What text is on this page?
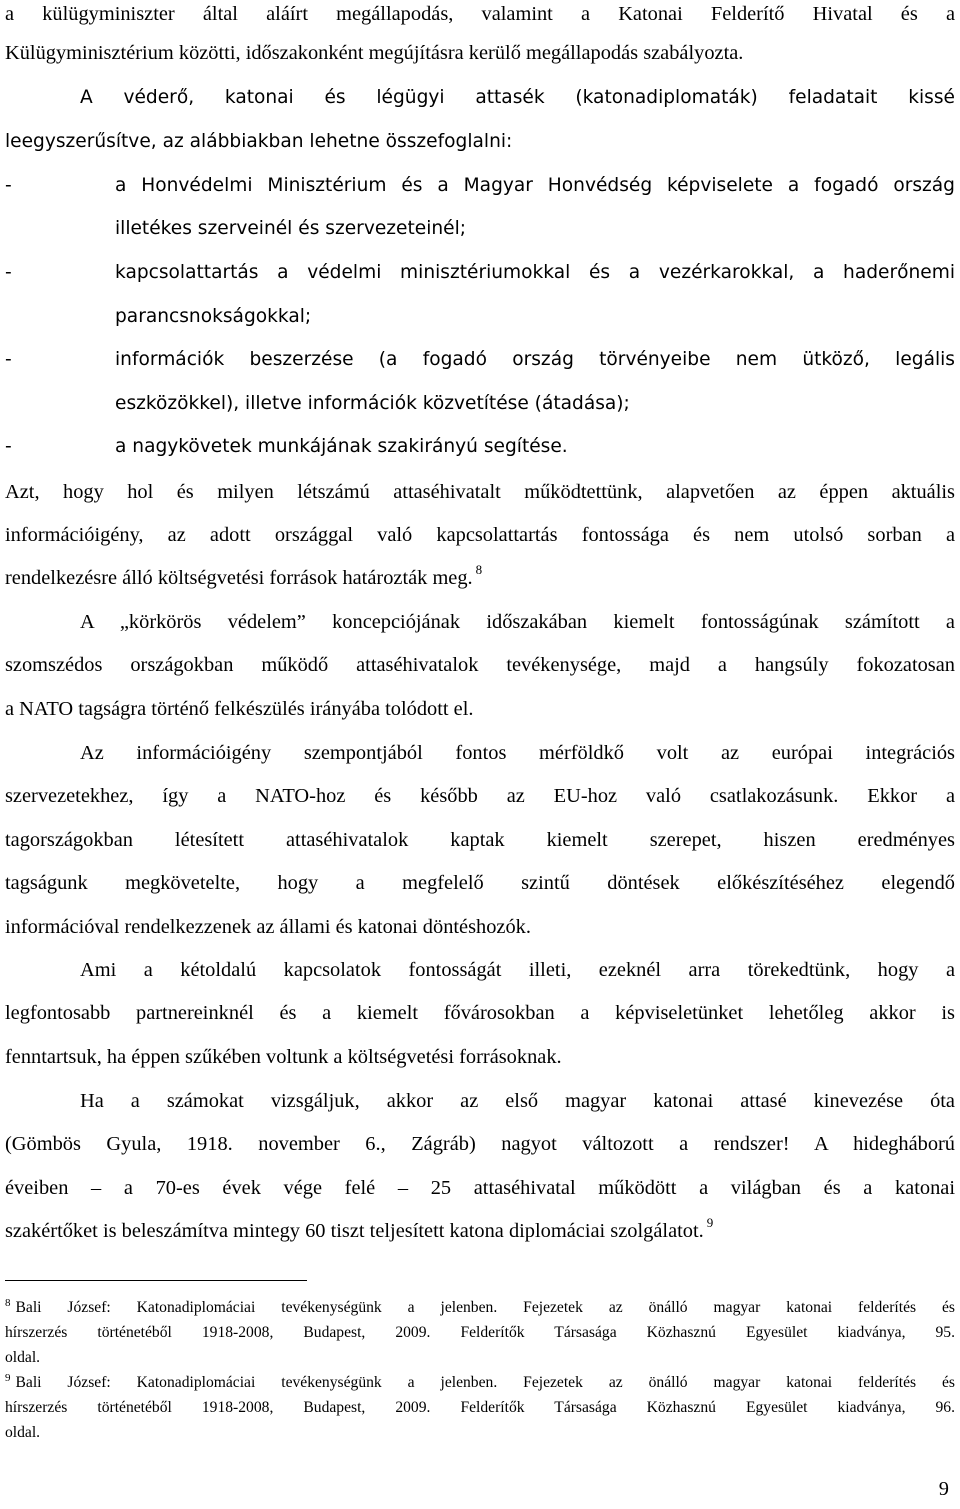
a külügyminiszter által aláírt megállapodás, valamint a Katonai Felderítő Hivatal és a
Külügyminisztérium közötti, időszakonként megújításra kerülő megállapodás szabályozta.
A véderő, katonai és légügyi attasék (katonadiplomaták) feladatait kissé
leegyszerűsítve, az alábbiakban lehetne összefoglalni:
-	a Honvédelmi Minisztérium és a Magyar Honvédség képviselete a fogadó ország
illetékes szerveinél és szervezeteinél;
-	kapcsolattartás a védelmi minisztériumokkal és a vezérkarokkal, a haderőnemi
parancsnokságokkal;
-	információk beszerzése (a fogadó ország törvényeibe nem ütköző, legális
eszközökkel), illetve információk közvetítése (átadása);
-	a nagykövetek munkájának szakirányú segítése.
Azt, hogy hol és milyen létszámú attaséhivatalt működtettünk, alapvetően az éppen aktuális
információigény, az adott országgal való kapcsolattartás fontossága és nem utolsó sorban a
rendelkezésre álló költségvetési források határozták meg. $^8$
A „körkörös védelem” koncepciójának időszakában kiemelt fontosságúnak számított a
szomszédos országokban működő attaséhivatalok tevékenysége, majd a hangsúly fokozatosan
a NATO tagságra történő felkészülés irányába tolódott el.
Az információigény szempontjából fontos mérföldkő volt az európai integrációs
szervezetekhez, így a NATO-hoz és később az EU-hoz való csatlakozásunk. Ekkor a
tagországokban létesített attaséhivatalok kaptak kiemelt szerepet, hiszen eredményes
tagságunk megkövetelte, hogy a megfelelő szintű döntések előkészítéséhez elegendő
információval rendelkezzenek az állami és katonai döntéshozók.
Ami a kétoldalú kapcsolatok fontosságát illeti, ezeknél arra törekedtünk, hogy a
legfontosabb partnereinknél és a kiemelt fővárosokban a képviseletünket lehetőleg akkor is
fenntartsuk, ha éppen szűkében voltunk a költségvetési forrásoknak.
Ha a számokat vizsgáljuk, akkor az első magyar katonai attasé kinevezése óta
(Gömbös Gyula, 1918. november 6., Zágráb) nagyot változott a rendszer! A hidegháború
éveiben – a 70-es évek vége felé – 25 attaséhivatal működött a világban és a katonai
szakértőket is beleszámítva mintegy 60 tiszt teljesített katona diplomáciai szolgálatot. $^9$
$^8$ Bali József: Katonadiplomáciai tevékenységünk a jelenben. Fejezetek az önálló magyar katonai felderítés és
hírszerzés történetéből 1918-2008, Budapest, 2009. Felderítők Társasága Közhasznú Egyesület kiadványa, 95.
oldal.
$^9$ Bali József: Katonadiplomáciai tevékenységünk a jelenben. Fejezetek az önálló magyar katonai felderítés és
hírszerzés történetéből 1918-2008, Budapest, 2009. Felderítők Társasága Közhasznú Egyesület kiadványa, 96.
oldal.
9
